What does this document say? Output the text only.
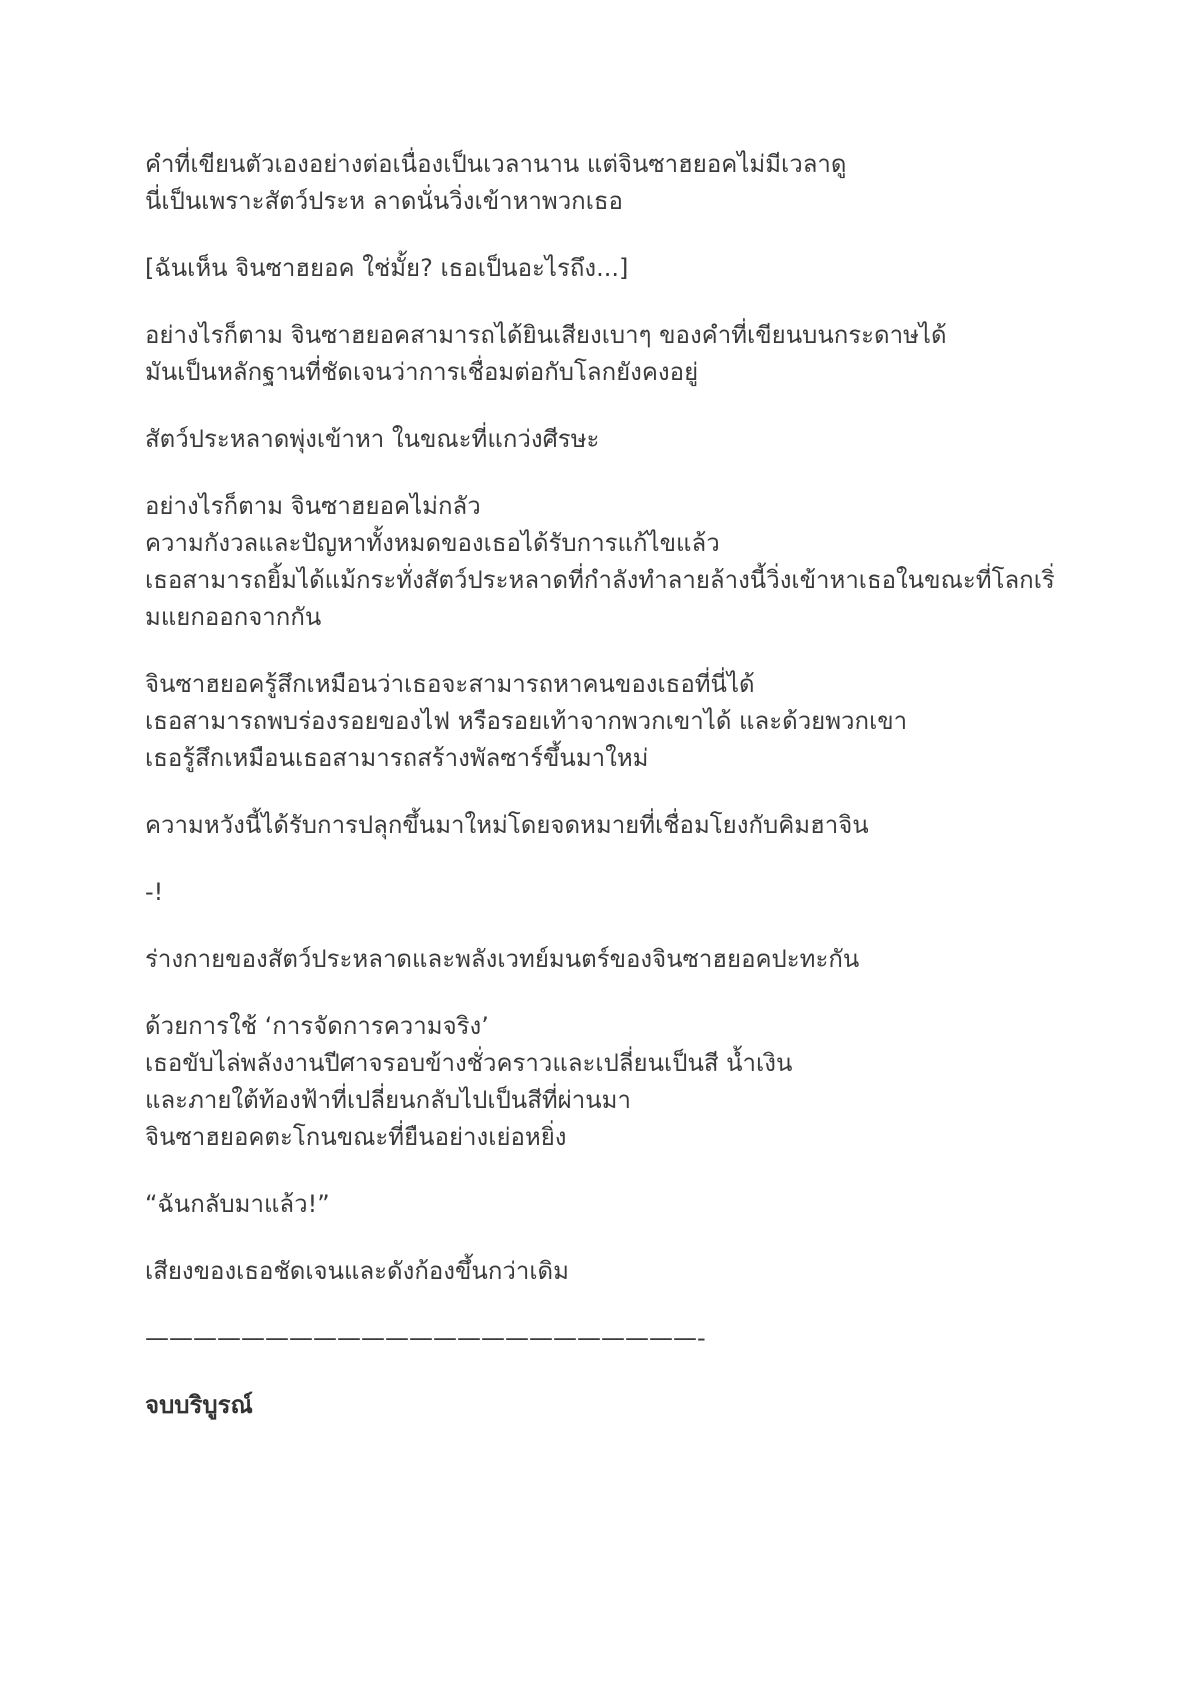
คำที่เขียนตัวเองอย่างต่อเนื่องเป็นเวลานาน แต่จินซาฮยอคไม่มีเวลาดู
นี่เป็นเพราะสัตว์ประห ลาดนั่นวิ่งเข้าหาพวกเธอ
[ฉันเห็น จินซาฮยอค ใช่มั้ย? เธอเป็นอะไรถึง...]
อย่างไรก็ตาม จินซาฮยอคสามารถได้ยินเสียงเบาๆ ของคำที่เขียนบนกระดาษได้
มันเป็นหลักฐานที่ชัดเจนว่าการเชื่อมต่อกับโลกยังคงอยู่
สัตว์ประหลาดพุ่งเข้าหา ในขณะที่แกว่งศีรษะ
อย่างไรก็ตาม จินซาฮยอคไม่กลัว
ความกังวลและปัญหาทั้งหมดของเธอได้รับการแก้ไขแล้ว
เธอสามารถยิ้มได้แม้กระทั่งสัตว์ประหลาดที่กำลังทำลายล้างนี้วิ่งเข้าหาเธอในขณะที่โลกเริ่
มแยกออกจากกัน
จินซาฮยอครู้สึกเหมือนว่าเธอจะสามารถหาคนของเธอที่นี่ได้
เธอสามารถพบร่องรอยของไฟ หรือรอยเท้าจากพวกเขาได้ และด้วยพวกเขา
เธอรู้สึกเหมือนเธอสามารถสร้างพัลซาร์ขึ้นมาใหม่
ความหวังนี้ได้รับการปลุกขึ้นมาใหม่โดยจดหมายที่เชื่อมโยงกับคิมฮาจิน
-!
ร่างกายของสัตว์ประหลาดและพลังเวทย์มนตร์ของจินซาฮยอคปะทะกัน
ด้วยการใช้ ‘การจัดการความจริง’
เธอขับไล่พลังงานปีศาจรอบข้างชั่วคราวและเปลี่ยนเป็นสี น้ำเงิน
และภายใต้ท้องฟ้าที่เปลี่ยนกลับไปเป็นสีที่ผ่านมา
จินซาฮยอคตะโกนขณะที่ยืนอย่างเย่อหยิ่ง
“ฉันกลับมาแล้ว!”
เสียงของเธอชัดเจนและดังก้องขึ้นกว่าเดิม
———————————————————————-
จบบริบูรณ์
